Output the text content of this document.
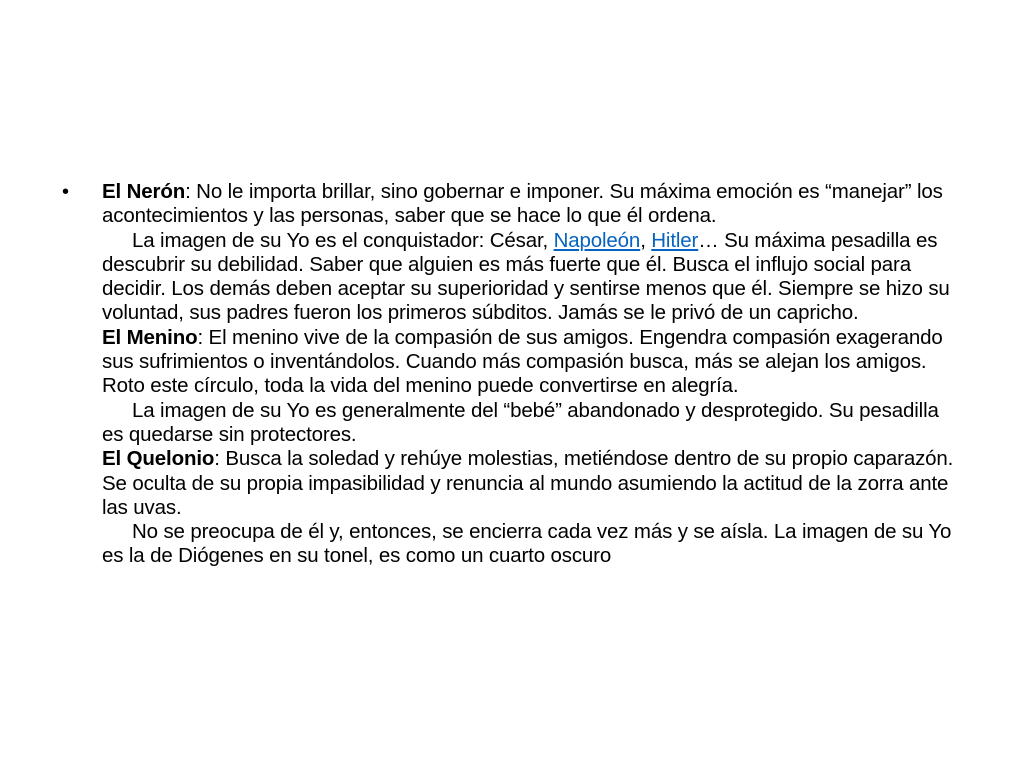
•	El Nerón: No le importa brillar, sino gobernar e imponer. Su máxima emoción es “manejar” los acontecimientos y las personas, saber que se hace lo que él ordena.
La imagen de su Yo es el conquistador: César, Napoleón, Hitler… Su máxima pesadilla es descubrir su debilidad. Saber que alguien es más fuerte que él. Busca el influjo social para decidir. Los demás deben aceptar su superioridad y sentirse menos que él. Siempre se hizo su voluntad, sus padres fueron los primeros súbditos. Jamás se le privó de un capricho.
El Menino: El menino vive de la compasión de sus amigos. Engendra compasión exagerando sus sufrimientos o inventándolos. Cuando más compasión busca, más se alejan los amigos. Roto este círculo, toda la vida del menino puede convertirse en alegría.
La imagen de su Yo es generalmente del “bebé” abandonado y desprotegido. Su pesadilla es quedarse sin protectores.
El Quelonio: Busca la soledad y rehúye molestias, metiéndose dentro de su propio caparazón. Se oculta de su propia impasibilidad y renuncia al mundo asumiendo la actitud de la zorra ante las uvas.
No se preocupa de él y, entonces, se encierra cada vez más y se aísla. La imagen de su Yo es la de Diógenes en su tonel, es como un cuarto oscuro
